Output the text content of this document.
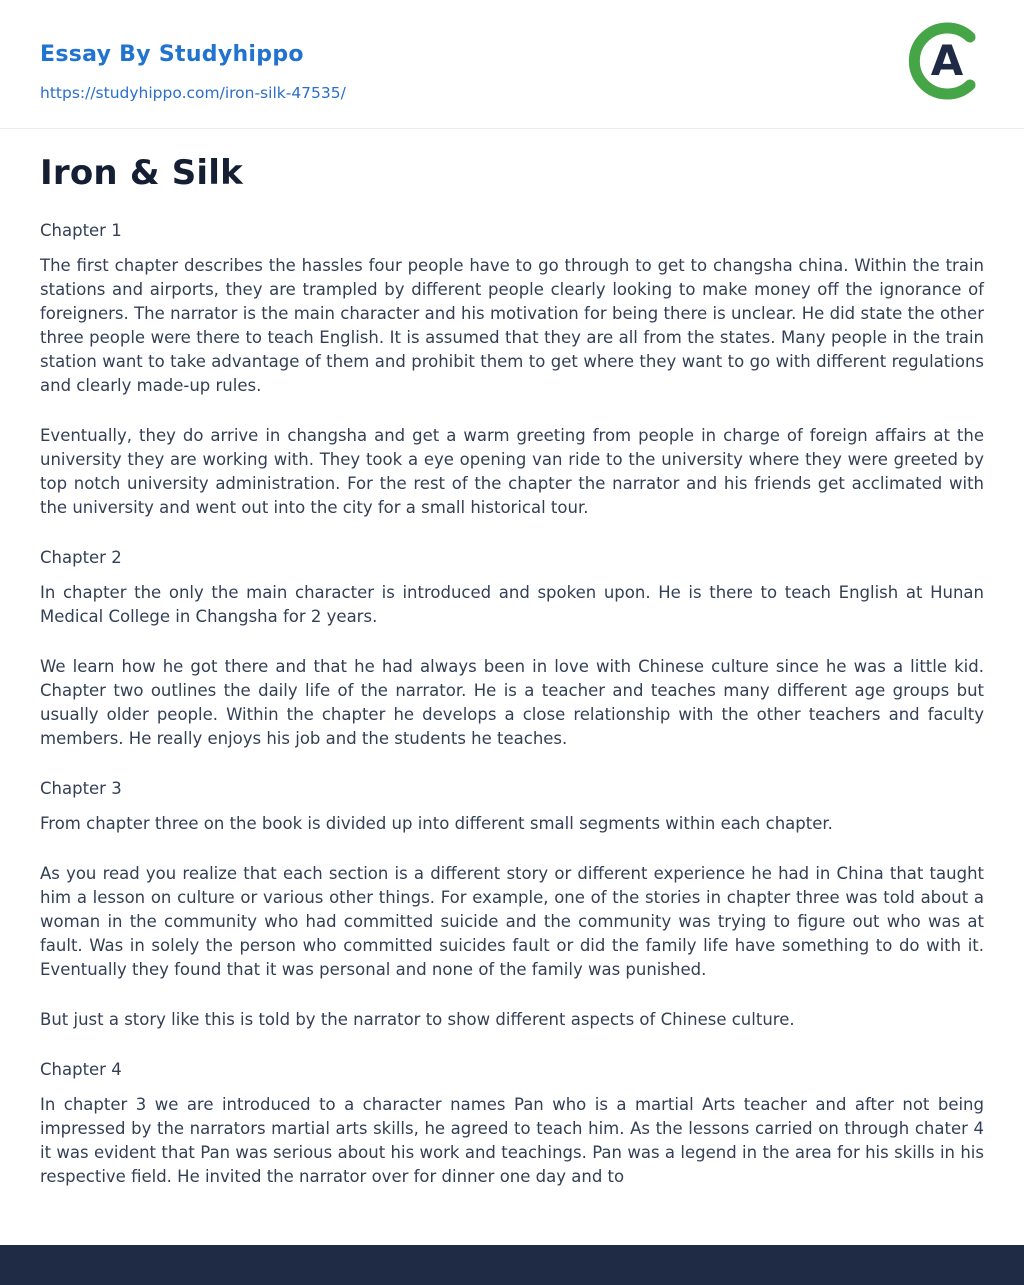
Essay By Studyhippo
https://studyhippo.com/iron-silk-47535/
A
Iron & Silk
Chapter 1

The first chapter describes the hassles four people have to go through to get to changsha china. Within the train stations and airports, they are trampled by different people clearly looking to make money off the ignorance of foreigners. The narrator is the main character and his motivation for being there is unclear. He did state the other three people were there to teach English. It is assumed that they are all from the states. Many people in the train station want to take advantage of them and prohibit them to get where they want to go with different regulations and clearly made-up rules.

Eventually, they do arrive in changsha and get a warm greeting from people in charge of foreign affairs at the university they are working with. They took a eye opening van ride to the university where they were greeted by top notch university administration. For the rest of the chapter the narrator and his friends get acclimated with the university and went out into the city for a small historical tour.

Chapter 2

In chapter the only the main character is introduced and spoken upon. He is there to teach English at Hunan Medical College in Changsha for 2 years.

We learn how he got there and that he had always been in love with Chinese culture since he was a little kid. Chapter two outlines the daily life of the narrator. He is a teacher and teaches many different age groups but usually older people. Within the chapter he develops a close relationship with the other teachers and faculty members. He really enjoys his job and the students he teaches.

Chapter 3

From chapter three on the book is divided up into different small segments within each chapter.

As you read you realize that each section is a different story or different experience he had in China that taught him a lesson on culture or various other things. For example, one of the stories in chapter three was told about a woman in the community who had committed suicide and the community was trying to figure out who was at fault. Was in solely the person who committed suicides fault or did the family life have something to do with it. Eventually they found that it was personal and none of the family was punished.

But just a story like this is told by the narrator to show different aspects of Chinese culture.

Chapter 4

In chapter 3 we are introduced to a character names Pan who is a martial Arts teacher and after not being impressed by the narrators martial arts skills, he agreed to teach him. As the lessons carried on through chater 4 it was evident that Pan was serious about his work and teachings. Pan was a legend in the area for his skills in his respective field. He invited the narrator over for dinner one day and to
